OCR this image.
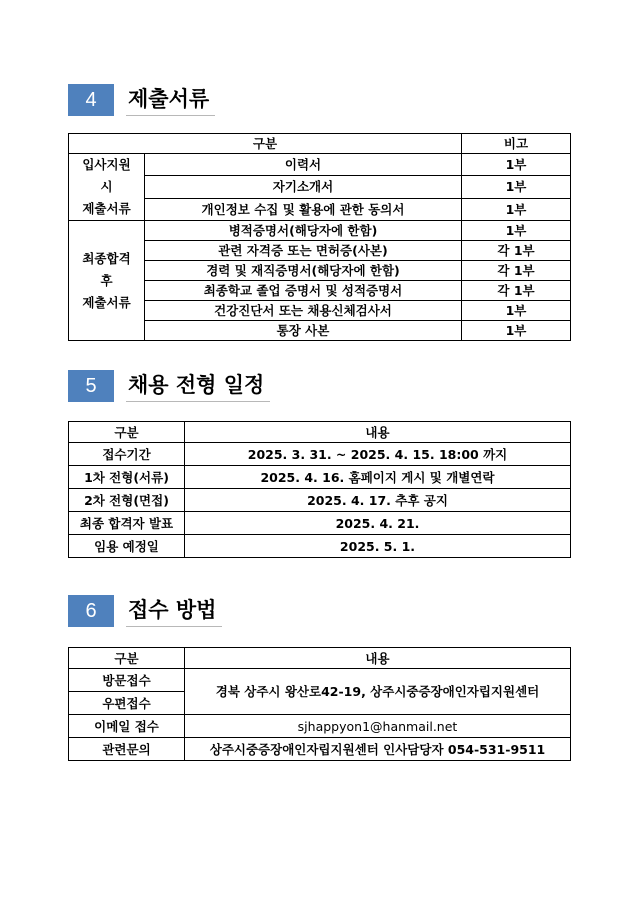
4	제출서류
구분		비고

입사지원
시
제출서류	이력서	1부
	자기소개서	1부
	개인정보 수집 및 활용에 관한 동의서	1부

최종합격
후
제출서류	병적증명서(해당자에 한함)	1부
	관련 자격증 또는 면허증(사본)	각 1부
	경력 및 재직증명서(해당자에 한함)	각 1부
	최종학교 졸업 증명서 및 성적증명서	각 1부
	건강진단서 또는 채용신체검사서	1부
	통장 사본	1부
5	채용 전형 일정
구분	내용
접수기간	2025. 3. 31. ~ 2025. 4. 15. 18:00 까지
1차 전형(서류)	2025. 4. 16. 홈페이지 게시 및 개별연락
2차 전형(면접)	2025. 4. 17. 추후 공지
최종 합격자 발표	2025. 4. 21.
임용 예정일	2025. 5. 1.
6	접수 방법
구분	내용
방문접수	경북 상주시 왕산로42-19, 상주시중증장애인자립지원센터
우편접수	
이메일 접수	sjhappyon1@hanmail.net
관련문의	상주시중증장애인자립지원센터 인사담당자 054-531-9511
